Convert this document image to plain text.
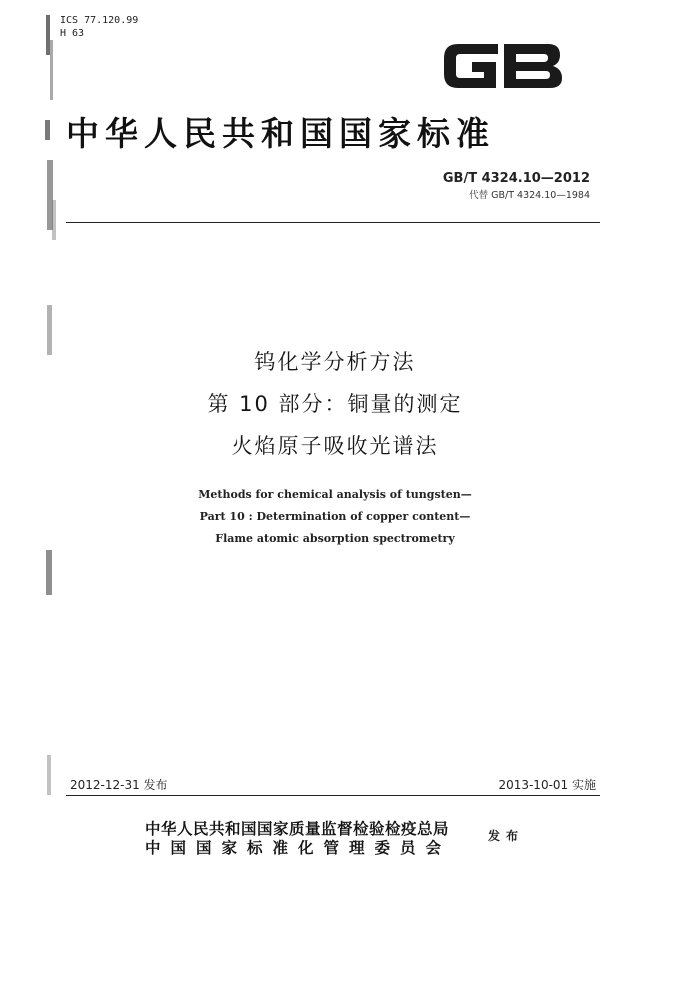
ICS 77.120.99
H 63
中华人民共和国国家标准
GB/T 4324.10—2012
代替 GB/T 4324.10—1984
钨化学分析方法
第 10 部分：铜量的测定
火焰原子吸收光谱法
Methods for chemical analysis of tungsten—
Part 10 : Determination of copper content—
Flame atomic absorption spectrometry
2012-12-31 发布	2013-10-01 实施
中华人民共和国国家质量监督检验检疫总局
中国国家标准化管理委员会
发布
